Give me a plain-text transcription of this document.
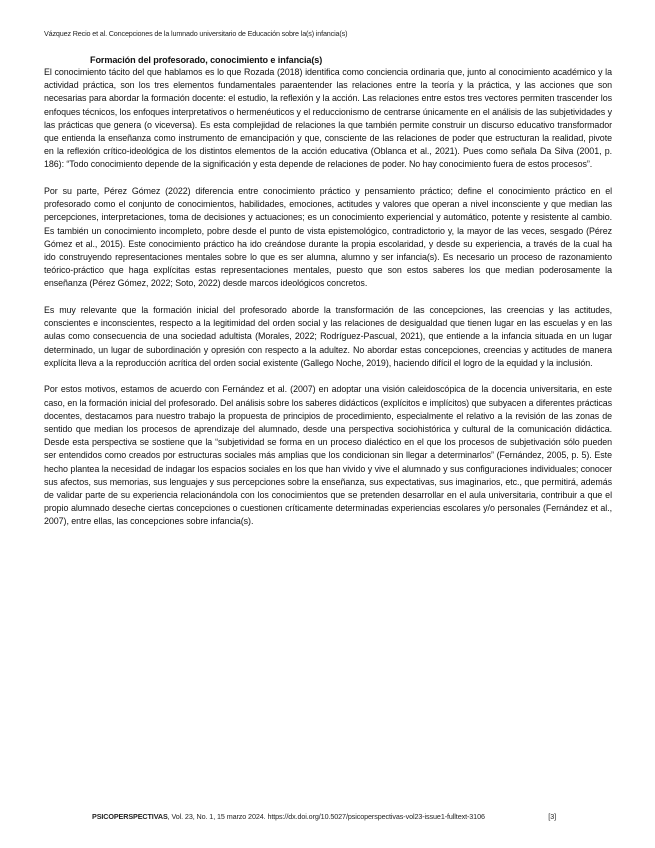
Vázquez Recio et al. Concepciones de la lumnado universitario de Educación sobre la(s) infancia(s)
Formación del profesorado, conocimiento e infancia(s)

El conocimiento tácito del que hablamos es lo que Rozada (2018) identifica como conciencia ordinaria que, junto al conocimiento académico y la actividad práctica, son los tres elementos fundamentales paraentender las relaciones entre la teoría y la práctica, y las acciones que son necesarias para abordar la formación docente: el estudio, la reflexión y la acción. Las relaciones entre estos tres vectores permiten trascender los enfoques técnicos, los enfoques interpretativos o hermenéuticos y el reduccionismo de centrarse únicamente en el análisis de las subjetividades y las prácticas que genera (o viceversa). Es esta complejidad de relaciones la que también permite construir un discurso educativo transformador que entienda la enseñanza como instrumento de emancipación y que, consciente de las relaciones de poder que estructuran la realidad, pivote en la reflexión crítico-ideológica de los distintos elementos de la acción educativa (Oblanca et al., 2021). Pues como señala Da Silva (2001, p. 186): “Todo conocimiento depende de la significación y esta depende de relaciones de poder. No hay conocimiento fuera de estos procesos”.

Por su parte, Pérez Gómez (2022) diferencia entre conocimiento práctico y pensamiento práctico; define el conocimiento práctico en el profesorado como el conjunto de conocimientos, habilidades, emociones, actitudes y valores que operan a nivel inconsciente y que median las percepciones, interpretaciones, toma de decisiones y actuaciones; es un conocimiento experiencial y automático, potente y resistente al cambio. Es también un conocimiento incompleto, pobre desde el punto de vista epistemológico, contradictorio y, la mayor de las veces, sesgado (Pérez Gómez et al., 2015). Este conocimiento práctico ha ido creándose durante la propia escolaridad, y desde su experiencia, a través de la cual ha ido construyendo representaciones mentales sobre lo que es ser alumna, alumno y ser infancia(s). Es necesario un proceso de razonamiento teórico-práctico que haga explícitas estas representaciones mentales, puesto que son estos saberes los que median poderosamente la enseñanza (Pérez Gómez, 2022; Soto, 2022) desde marcos ideológicos concretos.

Es muy relevante que la formación inicial del profesorado aborde la transformación de las concepciones, las creencias y las actitudes, conscientes e inconscientes, respecto a la legitimidad del orden social y las relaciones de desigualdad que tienen lugar en las escuelas y en las aulas como consecuencia de una sociedad adultista (Morales, 2022; Rodríguez-Pascual, 2021), que entiende a la infancia situada en un lugar determinado, un lugar de subordinación y opresión con respecto a la adultez. No abordar estas concepciones, creencias y actitudes de manera explícita lleva a la reproducción acrítica del orden social existente (Gallego Noche, 2019), haciendo difícil el logro de la equidad y la inclusión.

Por estos motivos, estamos de acuerdo con Fernández et al. (2007) en adoptar una visión caleidoscópica de la docencia universitaria, en este caso, en la formación inicial del profesorado. Del análisis sobre los saberes didácticos (explícitos e implícitos) que subyacen a diferentes prácticas docentes, destacamos para nuestro trabajo la propuesta de principios de procedimiento, especialmente el relativo a la revisión de las zonas de sentido que median los procesos de aprendizaje del alumnado, desde una perspectiva sociohistórica y cultural de la comunicación didáctica. Desde esta perspectiva se sostiene que la “subjetividad se forma en un proceso dialéctico en el que los procesos de subjetivación sólo pueden ser entendidos como creados por estructuras sociales más amplias que los condicionan sin llegar a determinarlos” (Fernández, 2005, p. 5). Este hecho plantea la necesidad de indagar los espacios sociales en los que han vivido y vive el alumnado y sus configuraciones individuales; conocer sus afectos, sus memorias, sus lenguajes y sus percepciones sobre la enseñanza, sus expectativas, sus imaginarios, etc., que permitirá, además de validar parte de su experiencia relacionándola con los conocimientos que se pretenden desarrollar en el aula universitaria, contribuir a que el propio alumnado deseche ciertas concepciones o cuestionen críticamente determinadas experiencias escolares y/o personales (Fernández et al., 2007), entre ellas, las concepciones sobre infancia(s).

PSICOPERSPECTIVAS, Vol. 23, No. 1, 15 marzo 2024. https://dx.doi.org/10.5027/psicoperspectivas-vol23-issue1-fulltext-3106	[3]
